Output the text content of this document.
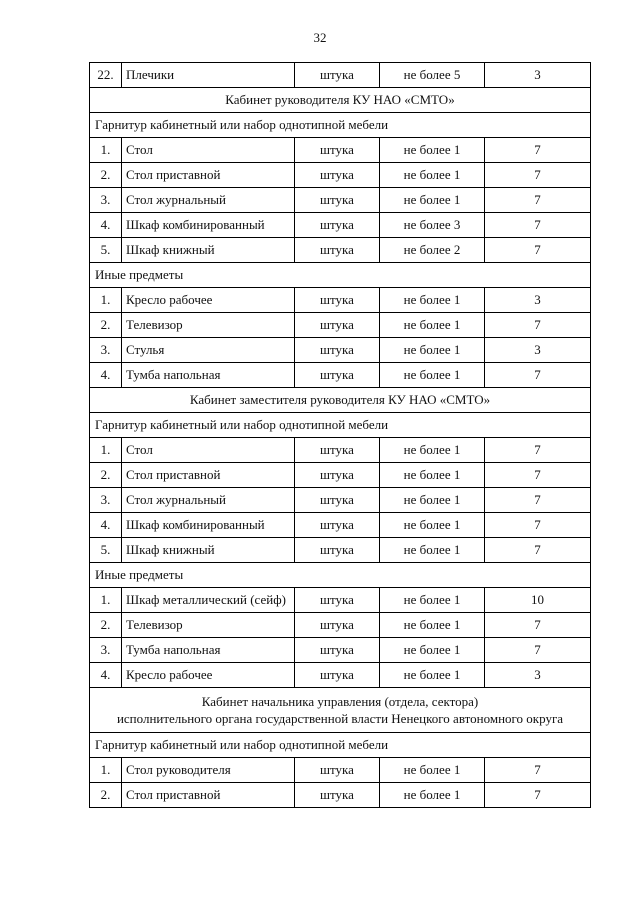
32
22.	Плечики	штука	не более 5	3

Кабинет руководителя КУ НАО «СМТО»				

Гарнитур кабинетный или набор однотипной мебели				
1.	Стол	штука	не более 1	7
2.	Стол приставной	штука	не более 1	7
3.	Стол журнальный	штука	не более 1	7
4.	Шкаф комбинированный	штука	не более 3	7
5.	Шкаф книжный	штука	не более 2	7
Иные предметы				
1.	Кресло рабочее	штука	не более 1	3
2.	Телевизор	штука	не более 1	7
3.	Стулья	штука	не более 1	3
4.	Тумба напольная	штука	не более 1	7

Кабинет заместителя руководителя КУ НАО «СМТО»				

Гарнитур кабинетный или набор однотипной мебели				
1.	Стол	штука	не более 1	7
2.	Стол приставной	штука	не более 1	7
3.	Стол журнальный	штука	не более 1	7
4.	Шкаф комбинированный	штука	не более 1	7
5.	Шкаф книжный	штука	не более 1	7
Иные предметы				
1.	Шкаф металлический (сейф)	штука	не более 1	10
2.	Телевизор	штука	не более 1	7
3.	Тумба напольная	штука	не более 1	7
4.	Кресло рабочее	штука	не более 1	3

Кабинет начальника управления (отдела, сектора)
исполнительного органа государственной власти Ненецкого автономного округа				

Гарнитур кабинетный или набор однотипной мебели				
1.	Стол руководителя	штука	не более 1	7
2.	Стол приставной	штука	не более 1	7
